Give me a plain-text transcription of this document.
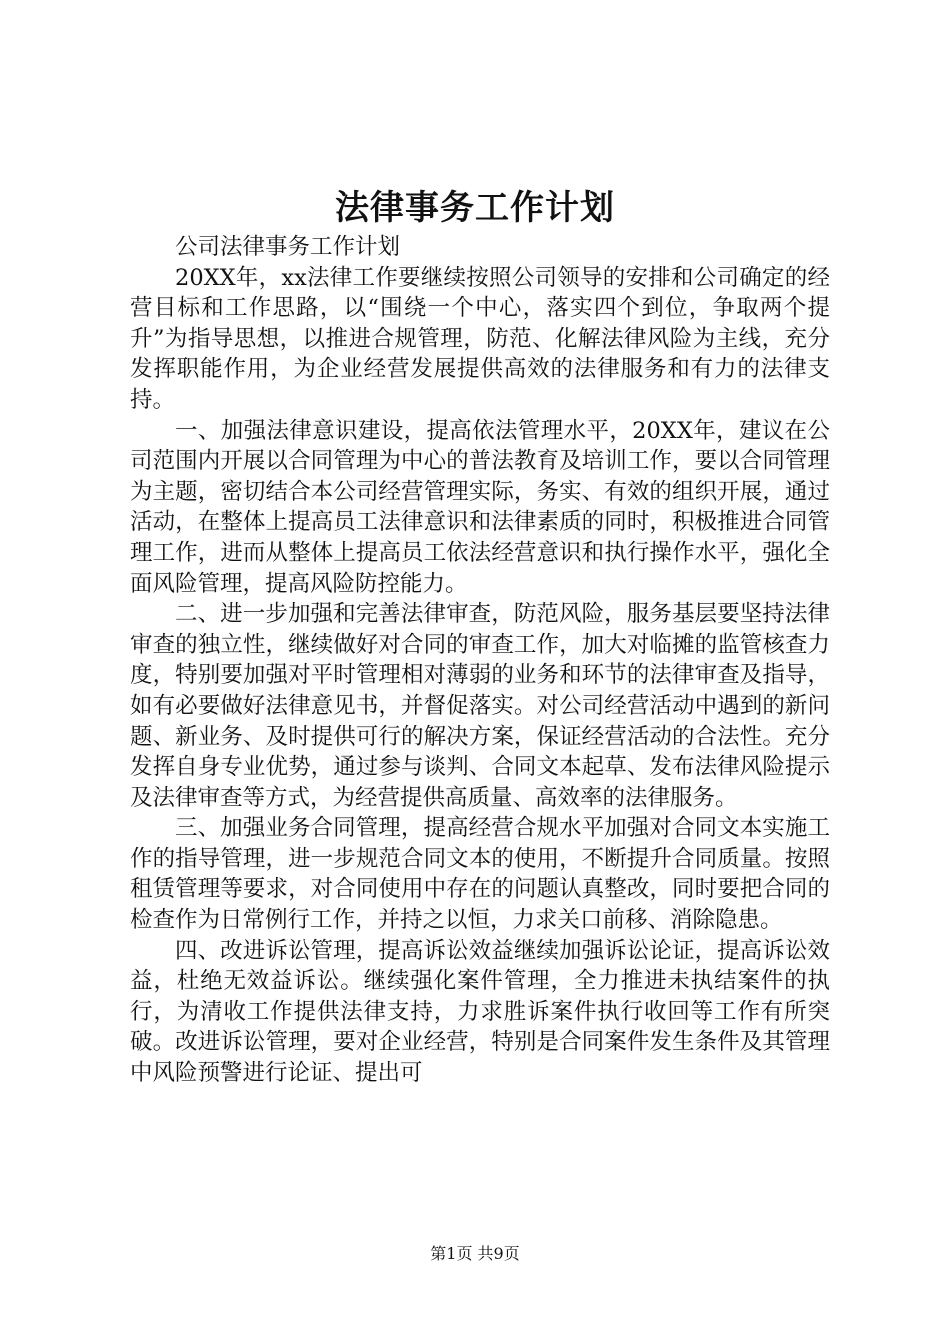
法律事务工作计划

公司法律事务工作计划

20XX年，xx法律工作要继续按照公司领导的安排和公司确定的经营目标和工作思路，以“围绕一个中心，落实四个到位，争取两个提升”为指导思想，以推进合规管理，防范、化解法律风险为主线，充分发挥职能作用，为企业经营发展提供高效的法律服务和有力的法律支持。

一、加强法律意识建设，提高依法管理水平，20XX年，建议在公司范围内开展以合同管理为中心的普法教育及培训工作，要以合同管理为主题，密切结合本公司经营管理实际，务实、有效的组织开展，通过活动，在整体上提高员工法律意识和法律素质的同时，积极推进合同管理工作，进而从整体上提高员工依法经营意识和执行操作水平，强化全面风险管理，提高风险防控能力。

二、进一步加强和完善法律审查，防范风险，服务基层要坚持法律审查的独立性，继续做好对合同的审查工作，加大对临摊的监管核查力度，特别要加强对平时管理相对薄弱的业务和环节的法律审查及指导，如有必要做好法律意见书，并督促落实。对公司经营活动中遇到的新问题、新业务、及时提供可行的解决方案，保证经营活动的合法性。充分发挥自身专业优势，通过参与谈判、合同文本起草、发布法律风险提示及法律审查等方式，为经营提供高质量、高效率的法律服务。

三、加强业务合同管理，提高经营合规水平加强对合同文本实施工作的指导管理，进一步规范合同文本的使用，不断提升合同质量。按照租赁管理等要求，对合同使用中存在的问题认真整改，同时要把合同的检查作为日常例行工作，并持之以恒，力求关口前移、消除隐患。

四、改进诉讼管理，提高诉讼效益继续加强诉讼论证，提高诉讼效益，杜绝无效益诉讼。继续强化案件管理，全力推进未执结案件的执行，为清收工作提供法律支持，力求胜诉案件执行收回等工作有所突破。改进诉讼管理，要对企业经营，特别是合同案件发生条件及其管理中风险预警进行论证、提出可

第1页 共9页
